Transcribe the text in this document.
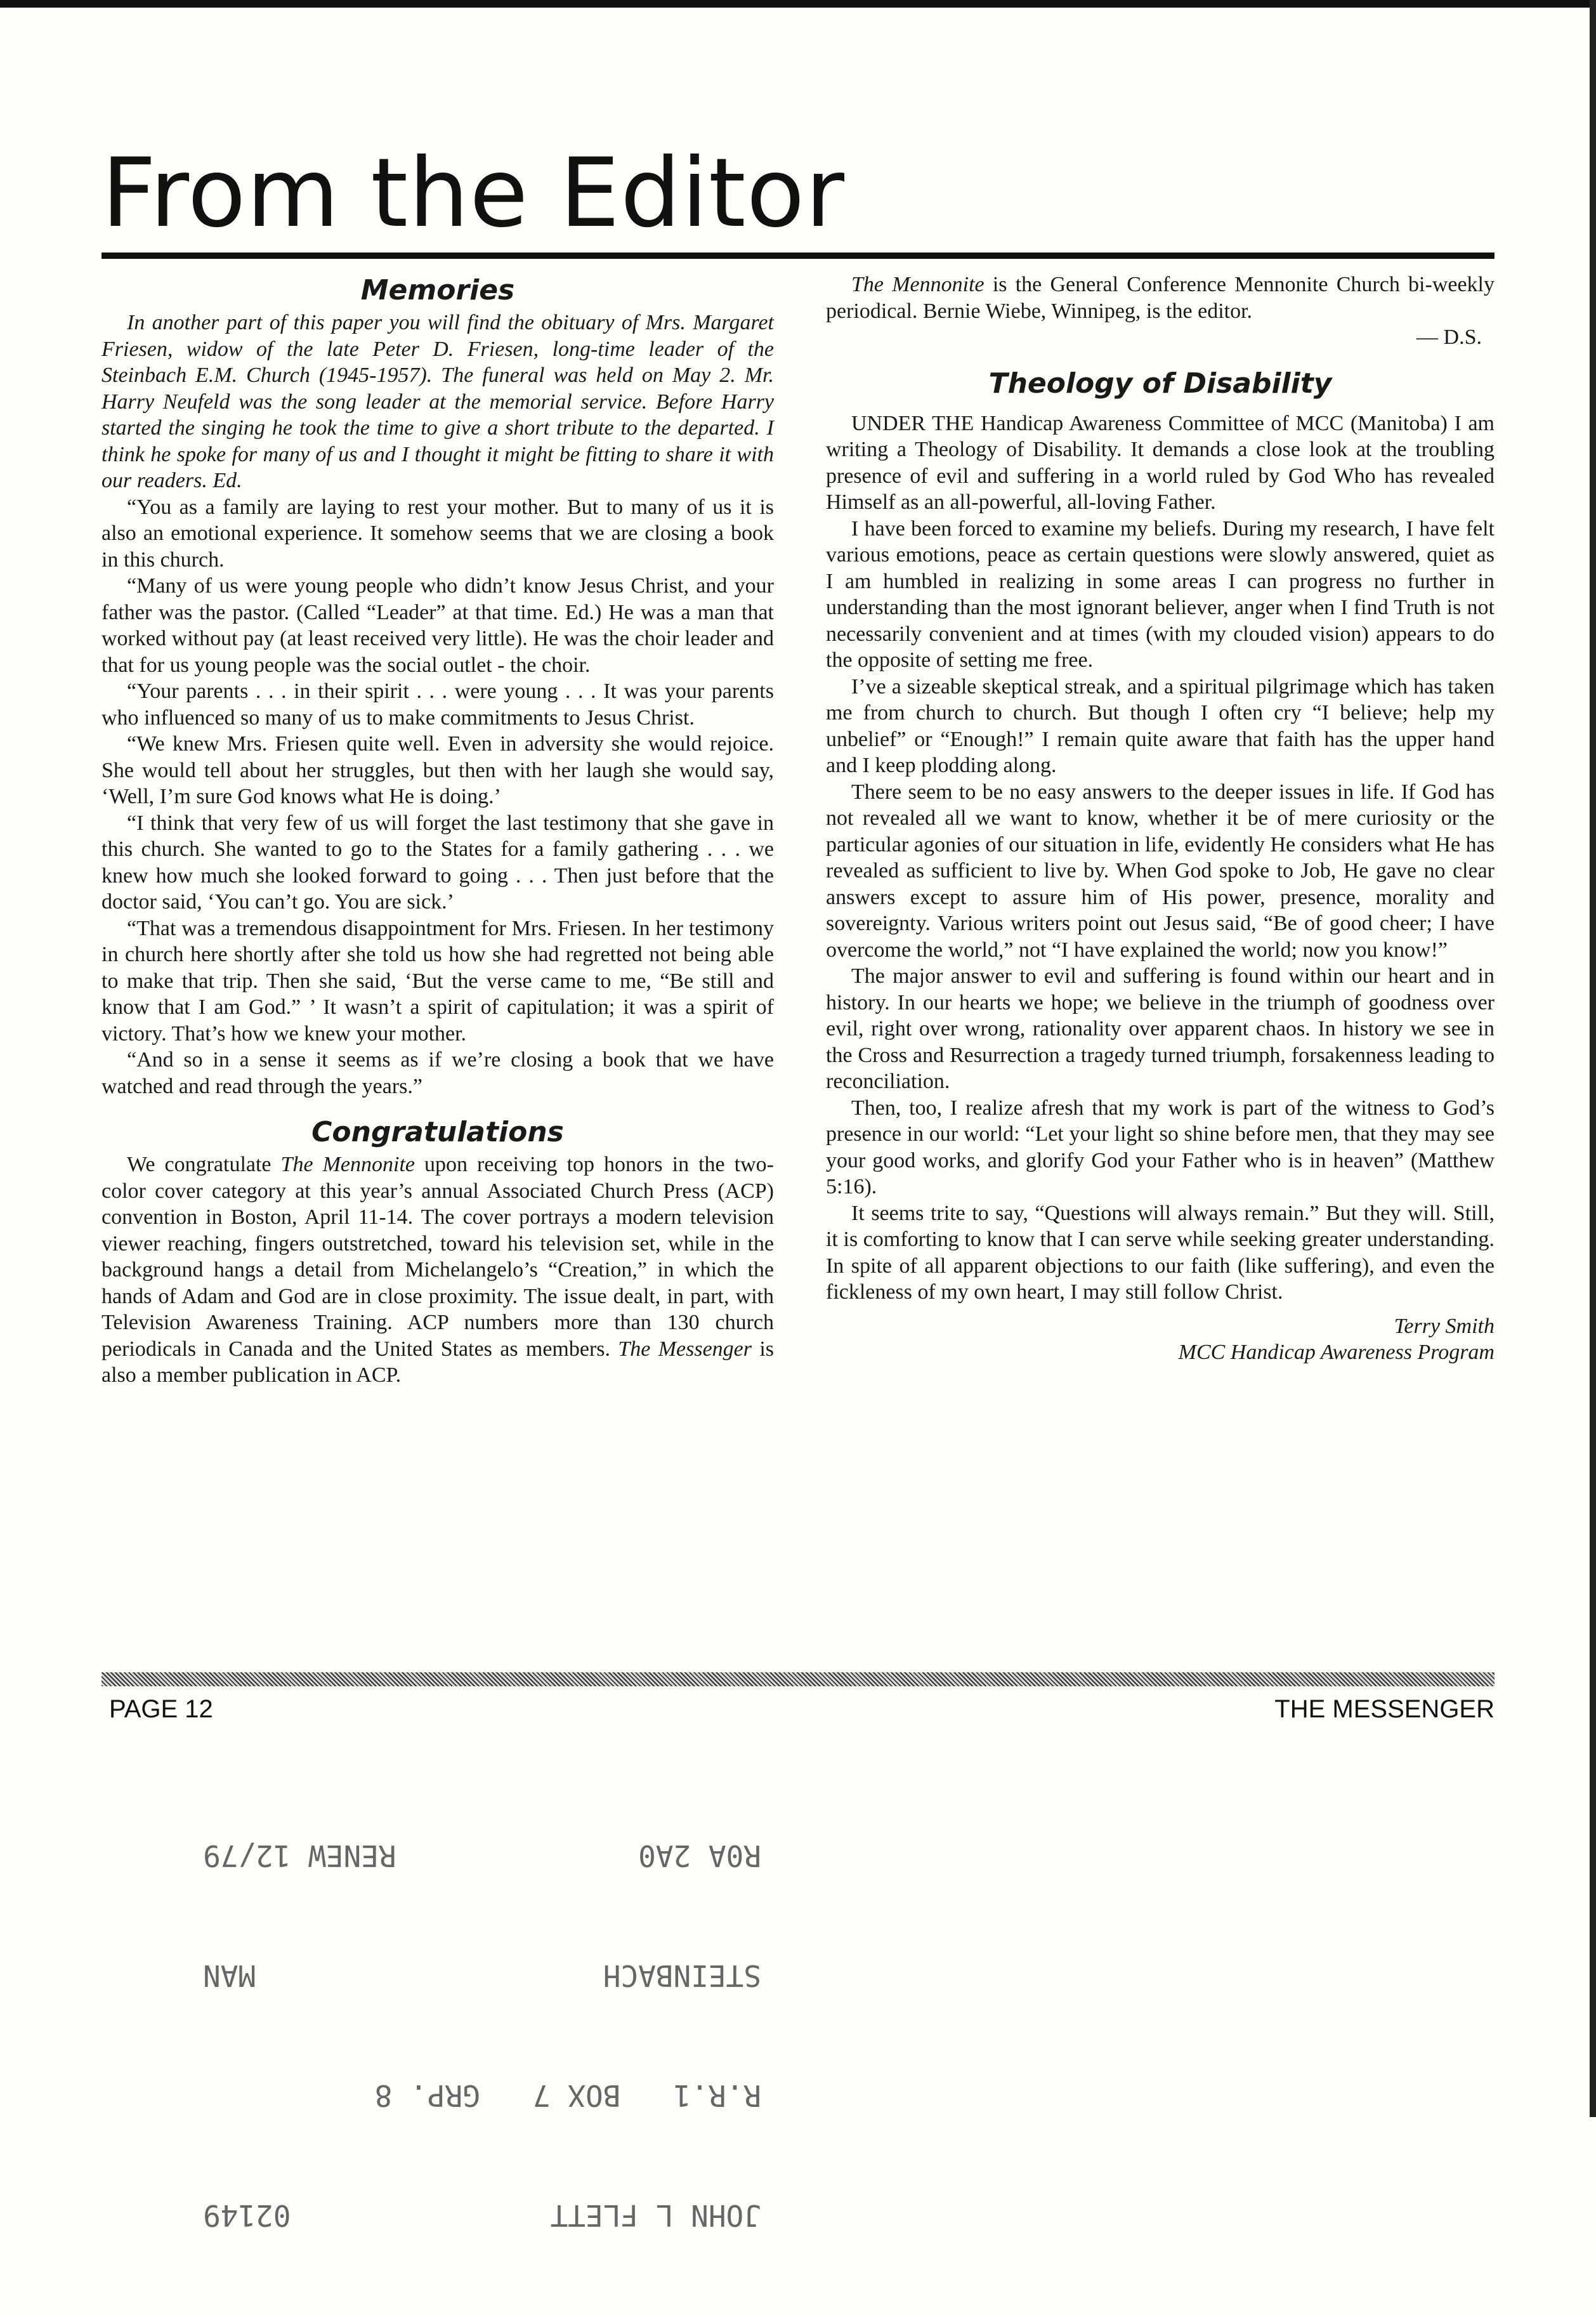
From the Editor
Memories

In another part of this paper you will find the obituary of Mrs. Margaret Friesen, widow of the late Peter D. Friesen, long-time leader of the Steinbach E.M. Church (1945-1957). The funeral was held on May 2. Mr. Harry Neufeld was the song leader at the memorial service. Before Harry started the singing he took the time to give a short tribute to the departed. I think he spoke for many of us and I thought it might be fitting to share it with our readers. Ed.

“You as a family are laying to rest your mother. But to many of us it is also an emotional experience. It somehow seems that we are closing a book in this church.

“Many of us were young people who didn’t know Jesus Christ, and your father was the pastor. (Called “Leader” at that time. Ed.) He was a man that worked without pay (at least received very little). He was the choir leader and that for us young people was the social outlet - the choir.

“Your parents . . . in their spirit . . . were young . . . It was your parents who influenced so many of us to make commitments to Jesus Christ.

“We knew Mrs. Friesen quite well. Even in adversity she would rejoice. She would tell about her struggles, but then with her laugh she would say, ‘Well, I’m sure God knows what He is doing.’

“I think that very few of us will forget the last testimony that she gave in this church. She wanted to go to the States for a family gathering . . . we knew how much she looked forward to going . . . Then just before that the doctor said, ‘You can’t go. You are sick.’

“That was a tremendous disappointment for Mrs. Friesen. In her testimony in church here shortly after she told us how she had regretted not being able to make that trip. Then she said, ‘But the verse came to me, “Be still and know that I am God.” ’ It wasn’t a spirit of capitulation; it was a spirit of victory. That’s how we knew your mother.

“And so in a sense it seems as if we’re closing a book that we have watched and read through the years.”

Congratulations

We congratulate The Mennonite upon receiving top honors in the two-color cover category at this year’s annual Associated Church Press (ACP) convention in Boston, April 11-14. The cover portrays a modern television viewer reaching, fingers outstretched, toward his television set, while in the background hangs a detail from Michelangelo’s “Creation,” in which the hands of Adam and God are in close proximity. The issue dealt, in part, with Television Awareness Training. ACP numbers more than 130 church periodicals in Canada and the United States as members. The Messenger is also a member publication in ACP.

The Mennonite is the General Conference Mennonite Church bi-weekly periodical. Bernie Wiebe, Winnipeg, is the editor.

— D.S.

Theology of Disability

UNDER THE Handicap Awareness Committee of MCC (Manitoba) I am writing a Theology of Disability. It demands a close look at the troubling presence of evil and suffering in a world ruled by God Who has revealed Himself as an all-powerful, all-loving Father.

I have been forced to examine my beliefs. During my research, I have felt various emotions, peace as certain questions were slowly answered, quiet as I am humbled in realizing in some areas I can progress no further in understanding than the most ignorant believer, anger when I find Truth is not necessarily convenient and at times (with my clouded vision) appears to do the opposite of setting me free.

I’ve a sizeable skeptical streak, and a spiritual pilgrimage which has taken me from church to church. But though I often cry “I believe; help my unbelief” or “Enough!” I remain quite aware that faith has the upper hand and I keep plodding along.

There seem to be no easy answers to the deeper issues in life. If God has not revealed all we want to know, whether it be of mere curiosity or the particular agonies of our situation in life, evidently He considers what He has revealed as sufficient to live by. When God spoke to Job, He gave no clear answers except to assure him of His power, presence, morality and sovereignty. Various writers point out Jesus said, “Be of good cheer; I have overcome the world,” not “I have explained the world; now you know!”

The major answer to evil and suffering is found within our heart and in history. In our hearts we hope; we believe in the triumph of goodness over evil, right over wrong, rationality over apparent chaos. In history we see in the Cross and Resurrection a tragedy turned triumph, forsakenness leading to reconciliation.

Then, too, I realize afresh that my work is part of the witness to God’s presence in our world: “Let your light so shine before men, that they may see your good works, and glorify God your Father who is in heaven” (Matthew 5:16).

It seems trite to say, “Questions will always remain.” But they will. Still, it is comforting to know that I can serve while seeking greater understanding. In spite of all apparent objections to our faith (like suffering), and even the fickleness of my own heart, I may still follow Christ.

Terry Smith

MCC Handicap Awareness Program

PAGE 12	THE MESSENGER

JOHN L FLETT
02149

R.R.1   BOX 7   GRP. 8

STEINBACH
MAN

R0A 2A0
RENEW 12/79
